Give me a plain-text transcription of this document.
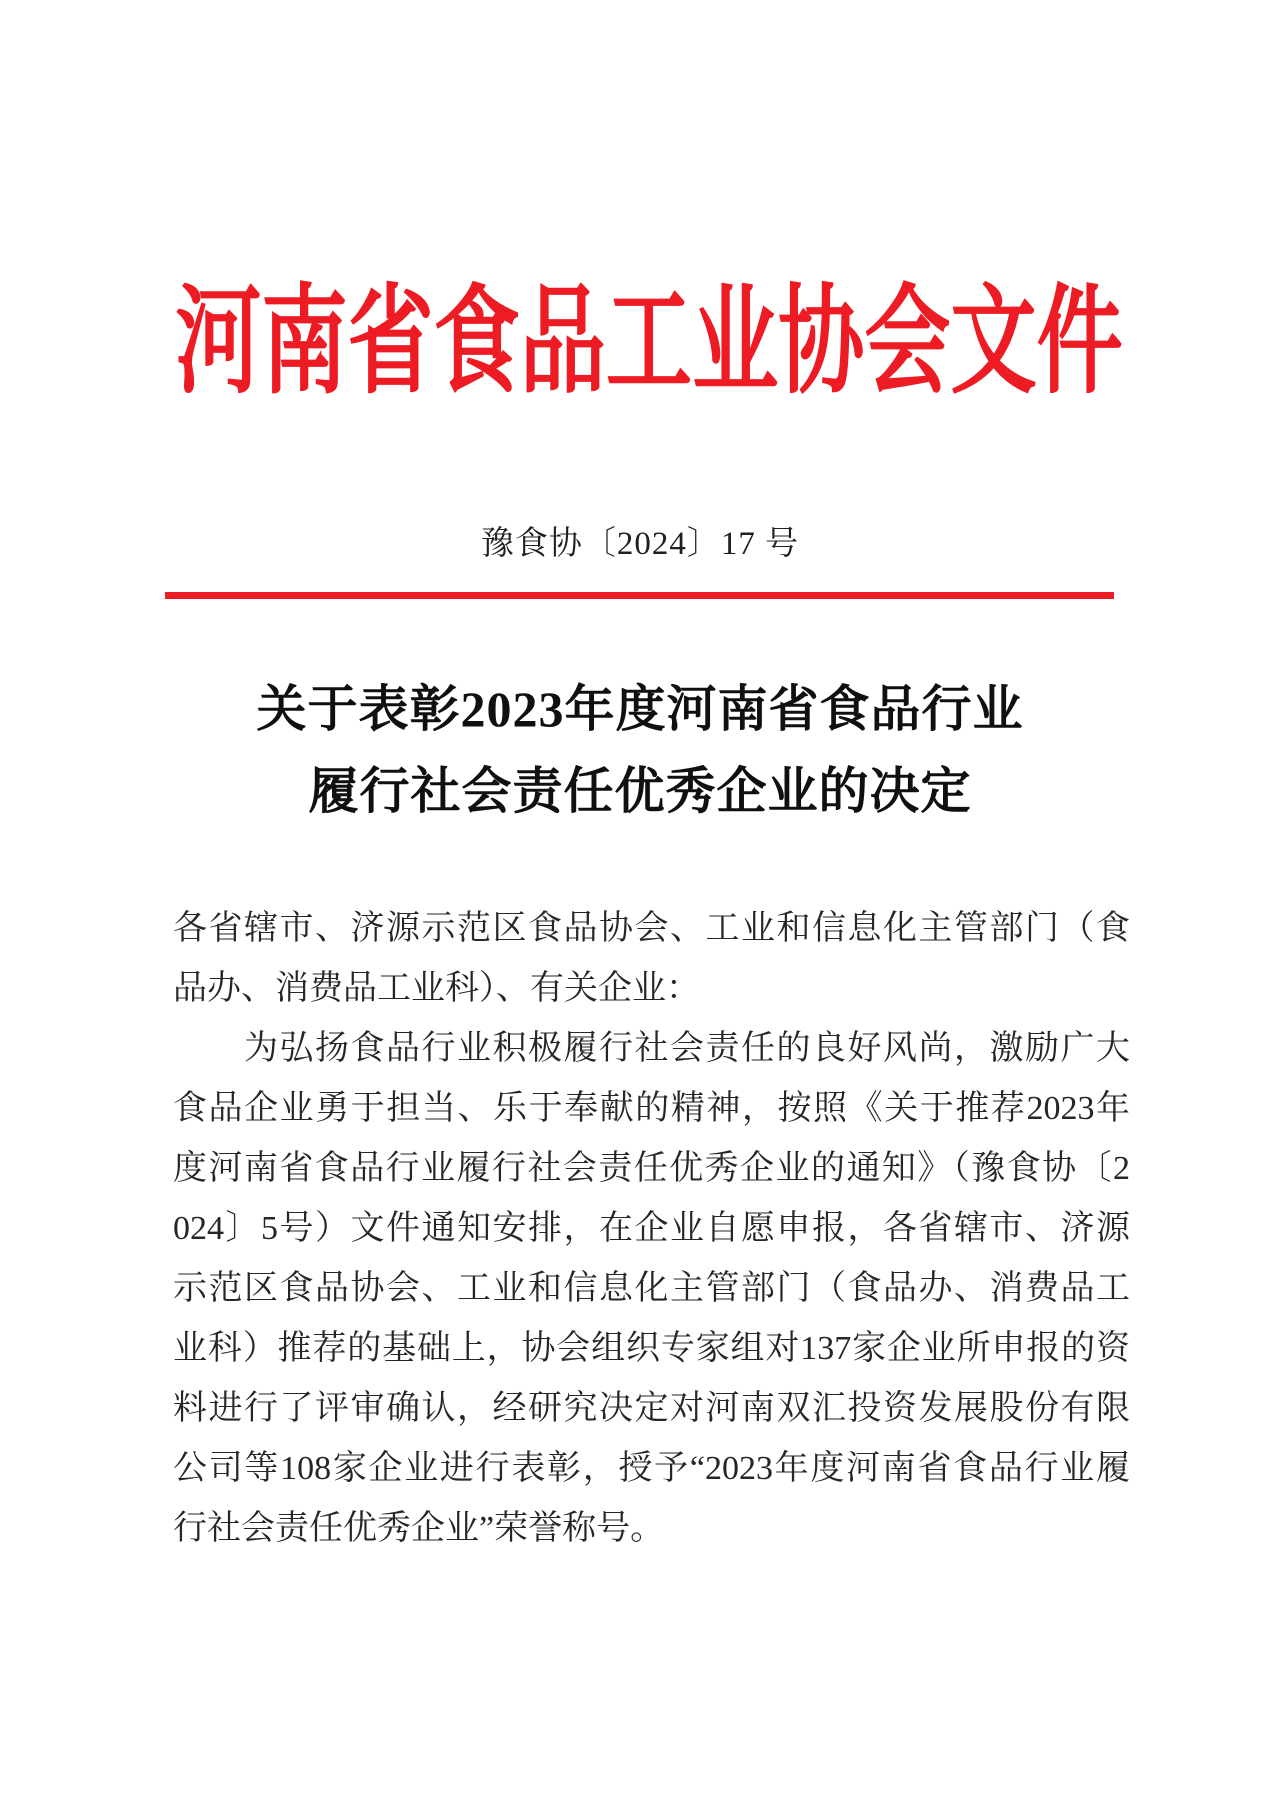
河南省食品工业协会文件
豫食协〔2024〕17 号
关于表彰2023年度河南省食品行业
履行社会责任优秀企业的决定
各省辖市、济源示范区食品协会、工业和信息化主管部门（食
品办、消费品工业科）、有关企业：
　　为弘扬食品行业积极履行社会责任的良好风尚，激励广大
食品企业勇于担当、乐于奉献的精神，按照《关于推荐2023年
度河南省食品行业履行社会责任优秀企业的通知》（豫食协〔2
024〕5号）文件通知安排，在企业自愿申报，各省辖市、济源
示范区食品协会、工业和信息化主管部门（食品办、消费品工
业科）推荐的基础上，协会组织专家组对137家企业所申报的资
料进行了评审确认，经研究决定对河南双汇投资发展股份有限
公司等108家企业进行表彰，授予“2023年度河南省食品行业履
行社会责任优秀企业”荣誉称号。
